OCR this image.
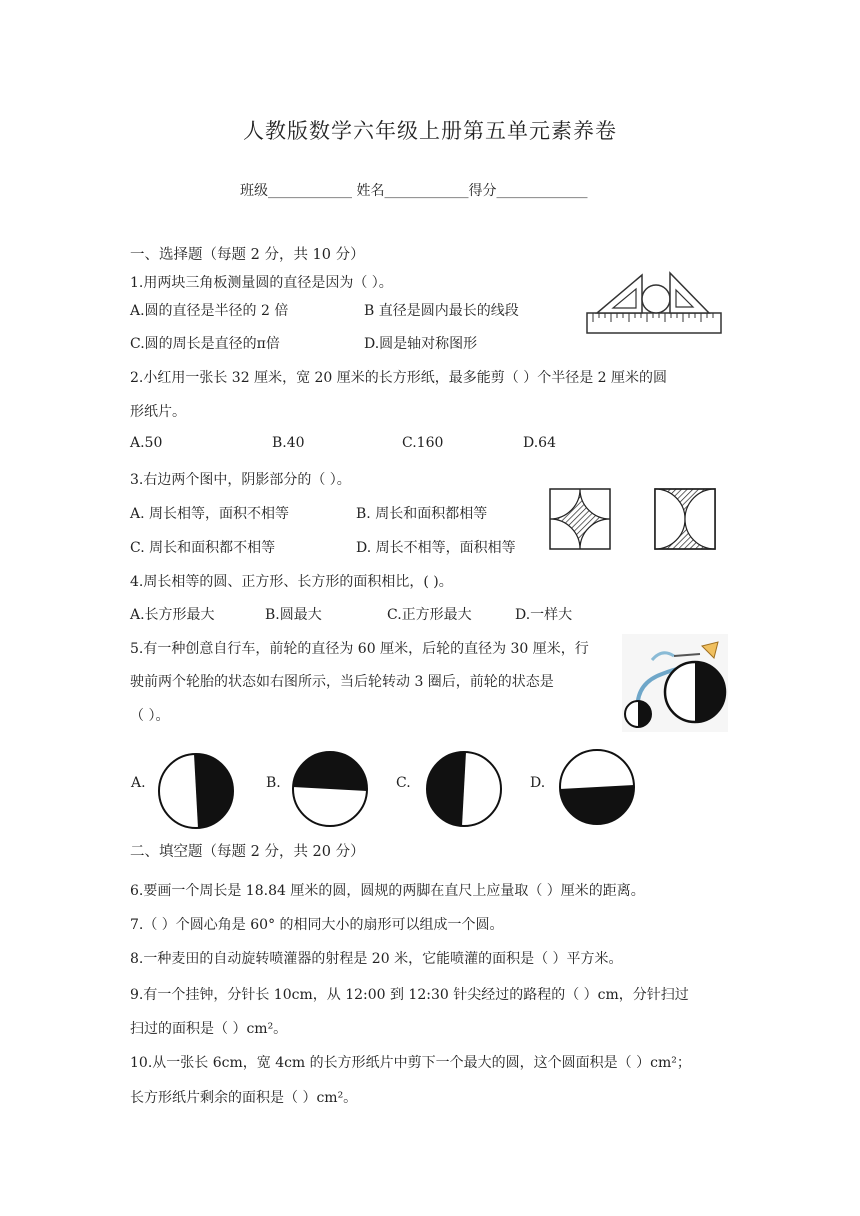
人教版数学六年级上册第五单元素养卷
班级____________ 姓名____________得分_____________
一、选择题（每题 2 分，共 10 分）
1.用两块三角板测量圆的直径是因为（ ）。
A.圆的直径是半径的 2 倍	B 直径是圆内最长的线段
C.圆的周长是直径的π倍	D.圆是轴对称图形
2.小红用一张长 32 厘米，宽 20 厘米的长方形纸，最多能剪（ ）个半径是 2 厘米的圆
形纸片。
A.50	B.40	C.160	D.64
3.右边两个图中，阴影部分的（ ）。
A. 周长相等，面积不相等	B. 周长和面积都相等
C. 周长和面积都不相等	D. 周长不相等，面积相等
4.周长相等的圆、正方形、长方形的面积相比，( )。
A.长方形最大	B.圆最大	C.正方形最大	D.一样大
5.有一种创意自行车，前轮的直径为 60 厘米，后轮的直径为 30 厘米，行
驶前两个轮胎的状态如右图所示，当后轮转动 3 圈后，前轮的状态是
（ ）。
A.	B.	C.	D.
二、填空题（每题 2 分，共 20 分）
6.要画一个周长是 18.84 厘米的圆，圆规的两脚在直尺上应量取（ ）厘米的距离。
7.（ ）个圆心角是 60° 的相同大小的扇形可以组成一个圆。
8.一种麦田的自动旋转喷灌器的射程是 20 米，它能喷灌的面积是（ ）平方米。
9.有一个挂钟，分针长 10cm，从 12:00 到 12:30 针尖经过的路程的（ ）cm，分针扫过
扫过的面积是（ ）cm²。
10.从一张长 6cm，宽 4cm 的长方形纸片中剪下一个最大的圆，这个圆面积是（ ）cm²；
长方形纸片剩余的面积是（ ）cm²。
